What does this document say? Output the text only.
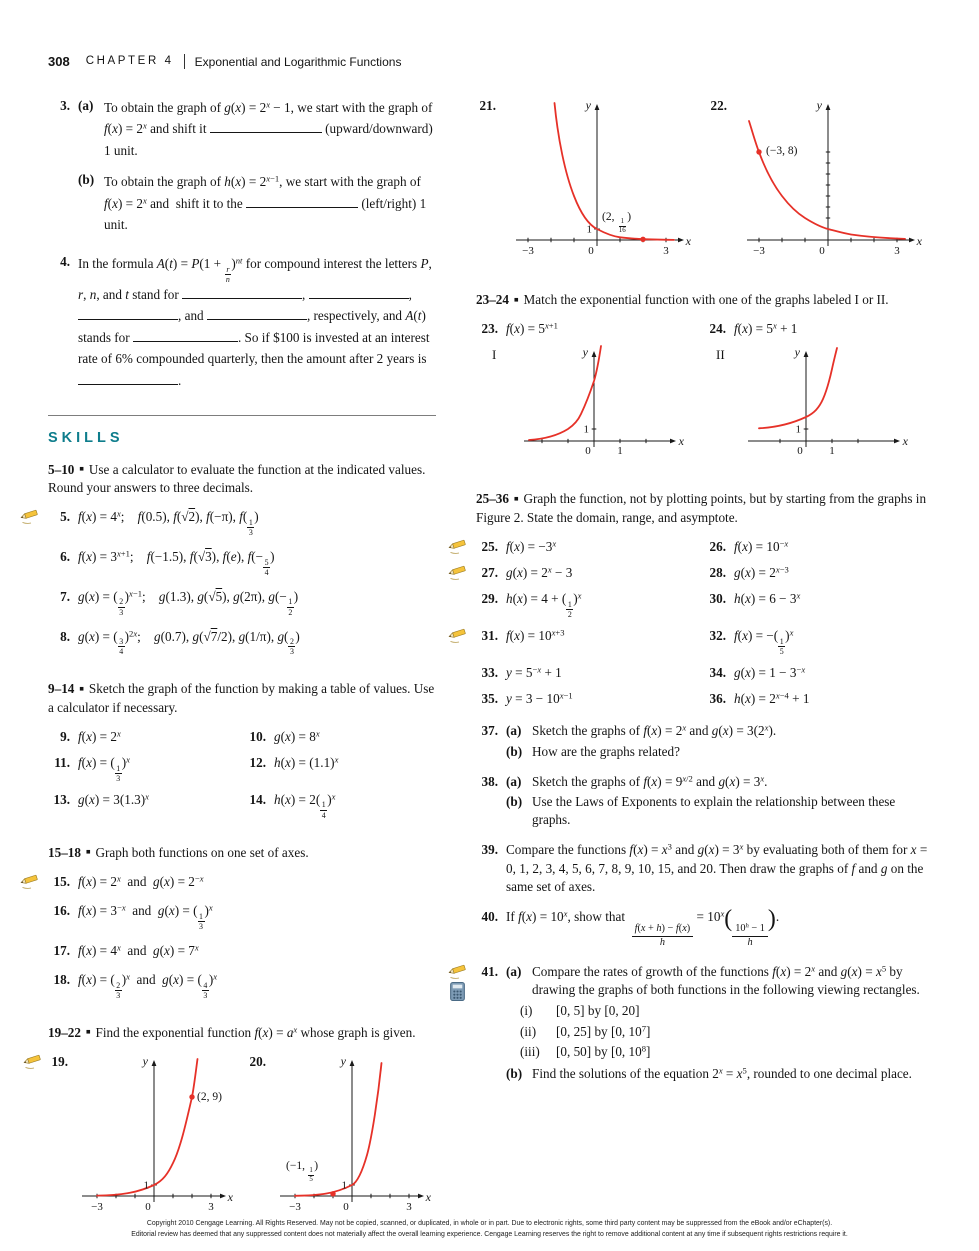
308 CHAPTER 4 Exponential and Logarithmic Functions
3. (a) To obtain the graph of $g(x) = 2^x - 1$, we start with the graph of $f(x) = 2^x$ and shift it	(upward/downward) 1 unit.
(b) To obtain the graph of $h(x) = 2^{x-1}$, we start with the graph of $f(x) = 2^x$ and  shift it to the	(left/right) 1 unit.
4. In the formula A(t) = P(1 +
$\frac{r}{n}$
)$^{nt}$ for compound interest the letters P, r, n, and t stand for	,	, , and	, respectively, and A(t) stands for	. So if $100 is invested at an interest rate of 6% compounded quarterly, then the amount after 2 years is .
SKILLS

5–10 ■ Use a calculator to evaluate the function at the indicated values. Round your answers to three decimals.

5. $f(x) = 4^x$;  f(0.5), f(√2), f(−π), f(
$\frac{1}{3}$
)
6. $f(x) = 3^{x+1}$;  f(−1.5), f(√3), f(e), f(−
$\frac{5}{4}$
)
7. g(x) = (
$\frac{2}{3}$
)$^{x-1}$;  g(1.3), g(√5), g(2π), g(−
$\frac{1}{2}$
)
8. g(x) = (
$\frac{3}{4}$
)$^{2x}$;  g(0.7), g(√7/2), g(1/π), g(
$\frac{2}{3}$
)

9–14 ■ Sketch the graph of the function by making a table of values. Use a calculator if necessary.

9. $f(x) = 2^x$	10. $g(x) = 8^x$
11. f(x) = (
$\frac{1}{3}$
)$^x$	12. $h(x) = (1.1)^x$
13. $g(x) = 3(1.3)^x$	14. h(x) = 2(
$\frac{1}{4}$
)$^x$

15–18 ■ Graph both functions on one set of axes.

15. $f(x) = 2^x$ and $g(x) = 2^{-x}$
16. $f(x) = 3^{-x}$ and g(x) = (
$\frac{1}{3}$
)$^x$
17. $f(x) = 4^x$ and $g(x) = 7^x$
18. f(x) = (
$\frac{2}{3}$
)$^x$ and g(x) = (
$\frac{4}{3}$
)$^x$

19–22 ■ Find the exponential function $f(x) = a^x$ whose graph is given.

19.
−3	0	3
1
x
y
(2, 9)
20.
−3	0	3
1
x
y
(−1,
$\frac{1}{5}$
)
21.
−3	0	3
1
x
y
(2,
$\frac{1}{16}$
)
22.
−3	0	3
x
y
(−3, 8)

23–24 ■ Match the exponential function with one of the graphs labeled I or II.

23. $f(x) = 5^{x+1}$	24. $f(x) = 5^x + 1$
I
0 1
1
x
y	II
0 1
1
x
y

25–36 ■ Graph the function, not by plotting points, but by starting from the graphs in Figure 2. State the domain, range, and asymptote.

25. $f(x) = -3^x$	26. $f(x) = 10^{-x}$
27. $g(x) = 2^x - 3$	28. $g(x) = 2^{x-3}$
29. h(x) = 4 + (
$\frac{1}{2}$
)$^x$	30. $h(x) = 6 - 3^x$
31. $f(x) = 10^{x+3}$	32. f(x) = −(
$\frac{1}{5}$
)$^x$
33. $y = 5^{-x} + 1$	34. $g(x) = 1 - 3^{-x}$
35. $y = 3 - 10^{x-1}$	36. $h(x) = 2^{x-4} + 1$
37. (a) Sketch the graphs of $f(x) = 2^x$ and $g(x) = 3(2^x)$.
(b) How are the graphs related?
38. (a) Sketch the graphs of $f(x) = 9^{x/2}$ and $g(x) = 3^x$.
(b) Use the Laws of Exponents to explain the relationship between these graphs.
39. Compare the functions $f(x) = x^3$ and $g(x) = 3^x$ by evaluating both of them for x = 0, 1, 2, 3, 4, 5, 6, 7, 8, 9, 10, 15, and 20. Then draw the graphs of f and g on the same set of axes.
40. If $f(x) = 10^x$, show that 
$\frac{f(x + h) - f(x)}{h}$
= $10^x$(
$\frac{10^h - 1}{h}$
).
41. (a) Compare the rates of growth of the functions $f(x) = 2^x$ and $g(x) = x^5$ by drawing the graphs of both functions in the following viewing rectangles.
(i)	[0, 5] by [0, 20]
(ii)	[0, 25] by [0, $10^7$]
(iii)	[0, 50] by [0, $10^8$]
(b) Find the solutions of the equation $2^x = x^5$, rounded to one decimal place.
Copyright 2010 Cengage Learning. All Rights Reserved. May not be copied, scanned, or duplicated, in whole or in part. Due to electronic rights, some third party content may be suppressed from the eBook and/or eChapter(s).
Editorial review has deemed that any suppressed content does not materially affect the overall learning experience. Cengage Learning reserves the right to remove additional content at any time if subsequent rights restrictions require it.
